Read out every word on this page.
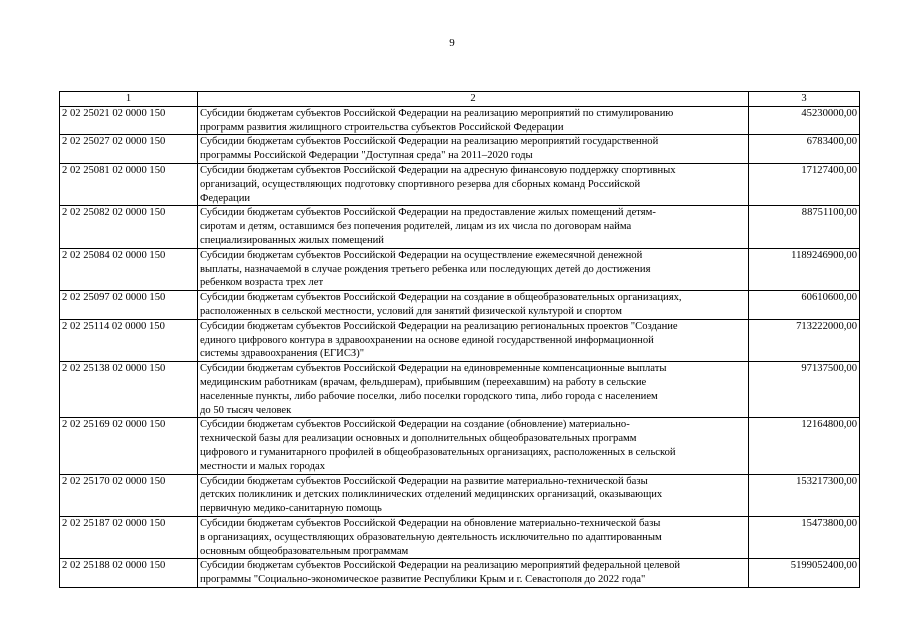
9
1	2	3
2 02 25021 02 0000 150	Субсидии бюджетам субъектов Российской Федерации на реализацию мероприятий по стимулированию
программ развития жилищного строительства субъектов Российской Федерации	45230000,00
2 02 25027 02 0000 150	Субсидии бюджетам субъектов Российской Федерации на реализацию мероприятий государственной
программы Российской Федерации "Доступная среда" на 2011–2020 годы	6783400,00
2 02 25081 02 0000 150	Субсидии бюджетам субъектов Российской Федерации на адресную финансовую поддержку спортивных
организаций, осуществляющих подготовку спортивного резерва для сборных команд Российской
Федерации	17127400,00
2 02 25082 02 0000 150	Субсидии бюджетам субъектов Российской Федерации на предоставление жилых помещений детям-
сиротам и детям, оставшимся без попечения родителей, лицам из их числа по договорам найма
специализированных жилых помещений	88751100,00
2 02 25084 02 0000 150	Субсидии бюджетам субъектов Российской Федерации на осуществление ежемесячной денежной
выплаты, назначаемой в случае рождения третьего ребенка или последующих детей до достижения
ребенком возраста трех лет	1189246900,00
2 02 25097 02 0000 150	Субсидии бюджетам субъектов Российской Федерации на создание в общеобразовательных организациях,
расположенных в сельской местности, условий для занятий физической культурой и спортом	60610600,00
2 02 25114 02 0000 150	Субсидии бюджетам субъектов Российской Федерации на реализацию региональных проектов "Создание
единого цифрового контура в здравоохранении на основе единой государственной информационной
системы здравоохранения (ЕГИСЗ)"	713222000,00
2 02 25138 02 0000 150	Субсидии бюджетам субъектов Российской Федерации на единовременные компенсационные выплаты
медицинским работникам (врачам, фельдшерам), прибывшим (переехавшим) на работу в сельские
населенные пункты, либо рабочие поселки, либо поселки городского типа, либо города с населением
до 50 тысяч человек	97137500,00
2 02 25169 02 0000 150	Субсидии бюджетам субъектов Российской Федерации на создание (обновление) материально-
технической базы для реализации основных и дополнительных общеобразовательных программ
цифрового и гуманитарного профилей в общеобразовательных организациях, расположенных в сельской
местности и малых городах	12164800,00
2 02 25170 02 0000 150	Субсидии бюджетам субъектов Российской Федерации на развитие материально-технической базы
детских поликлиник и детских поликлинических отделений медицинских организаций, оказывающих
первичную медико-санитарную помощь	153217300,00
2 02 25187 02 0000 150	Субсидии бюджетам субъектов Российской Федерации на обновление материально-технической базы
в организациях, осуществляющих образовательную деятельность исключительно по адаптированным
основным общеобразовательным программам	15473800,00
2 02 25188 02 0000 150	Субсидии бюджетам субъектов Российской Федерации на реализацию мероприятий федеральной целевой
программы "Социально-экономическое развитие Республики Крым и г. Севастополя до 2022 года"	5199052400,00
